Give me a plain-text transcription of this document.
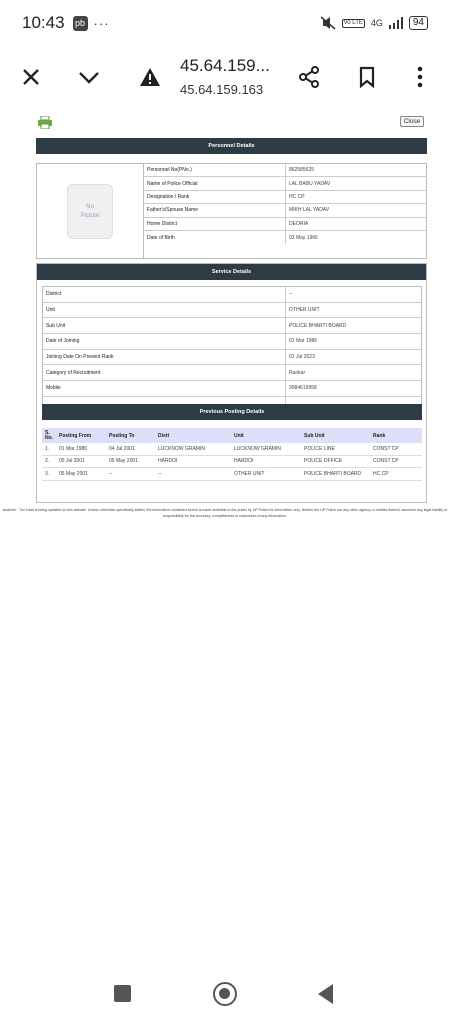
10:43 pb ···	Vo LTE 4G	94
45.64.159...
45.64.159.163
Close
Personnel Details
No
Picture
Personnel No(PNo.)	862585625
Name of Police Official	LAL BABU YADAV
Designation / Rank	HC CP
Father's/Spouse Name	MIKH LAL YADAV
Home District	DEORIA
Date of Birth	03 May 1966
Service Details
District	--
Unit	OTHER UNIT
Sub Unit	POLICE BHARTI BOARD
Date of Joining	01 Mar 1986
Joining Date On Present Rank	01 Jul 2023
Category of Recruitment	Runkar
Mobile	9984619958
Previous Posting Details
S. No.	Posting From	Posting To	Distt	Unit	Sub Unit	Rank
1.	01 Mar 1986	04 Jul 2001	LUCKNOW GRAMIN	LUCKNOW GRAMIN	POLICE LINE	CONST CP
2.	05 Jul 2001	05 May 2001	HARDOI	HARDOI	POLICE OFFICE	CONST CP
3.	05 May 2001	--	--	OTHER UNIT	POLICE BHARTI BOARD	HC CP
sclaimer : The Data is being updated on this website. Unless otherwise specifically stated, the information contained herein is made available to the public by UP Police for information only. Neither the UP Police nor any other agency or entities thereof, assumes any legal liability or responsibility for the accuracy, completeness or usefulness of any information.
